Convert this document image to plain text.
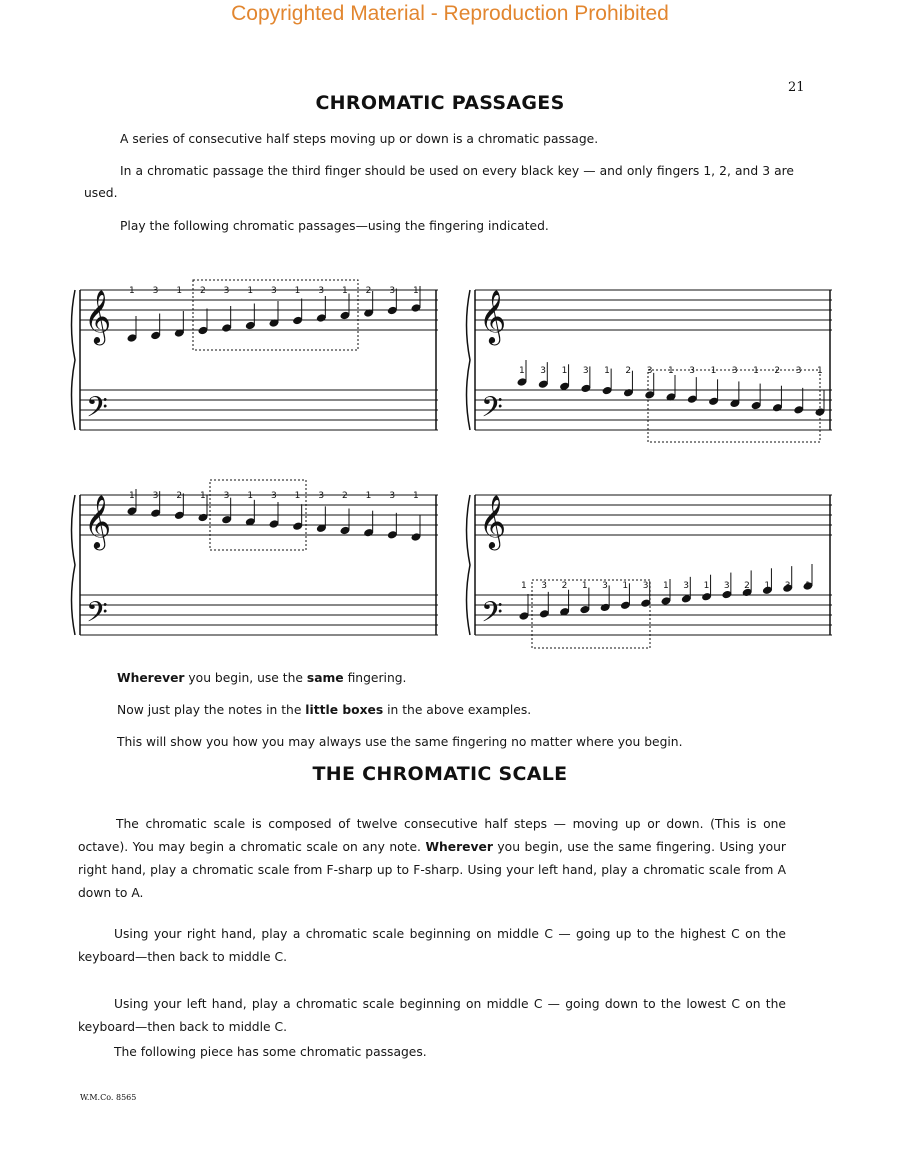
Copyrighted Material - Reproduction Prohibited
21
CHROMATIC PASSAGES
A series of consecutive half steps moving up or down is a chromatic passage.
In a chromatic passage the third finger should be used on every black key — and only fingers 1, 2, and 3 are used.
Play the following chromatic passages—using the fingering indicated.
𝄞
𝄢
𝄞
𝄢
𝄞
𝄢
𝄞
𝄢
1 3 1 2 3 1 3 1 3 1 2 3 1
1 3 1 3 1 2 3 1 3 1 3 1 2 3 1
1 3 2 1 3 1 3 1 3 2 1 3 1
1 3 2 1 3 1 3 1 3 1 3 2 1 3 1
Wherever you begin, use the same fingering.
Now just play the notes in the little boxes in the above examples.
This will show you how you may always use the same fingering no matter where you begin.
THE CHROMATIC SCALE
The chromatic scale is composed of twelve consecutive half steps — moving up or down. (This is one octave). You may begin a chromatic scale on any note. Wherever you begin, use the same fingering. Using your right hand, play a chromatic scale from F-sharp up to F-sharp. Using your left hand, play a chromatic scale from A down to A.
Using your right hand, play a chromatic scale beginning on middle C — going up to the highest C on the keyboard—then back to middle C.
Using your left hand, play a chromatic scale beginning on middle C — going down to the lowest C on the keyboard—then back to middle C.
The following piece has some chromatic passages.
W.M.Co. 8565
